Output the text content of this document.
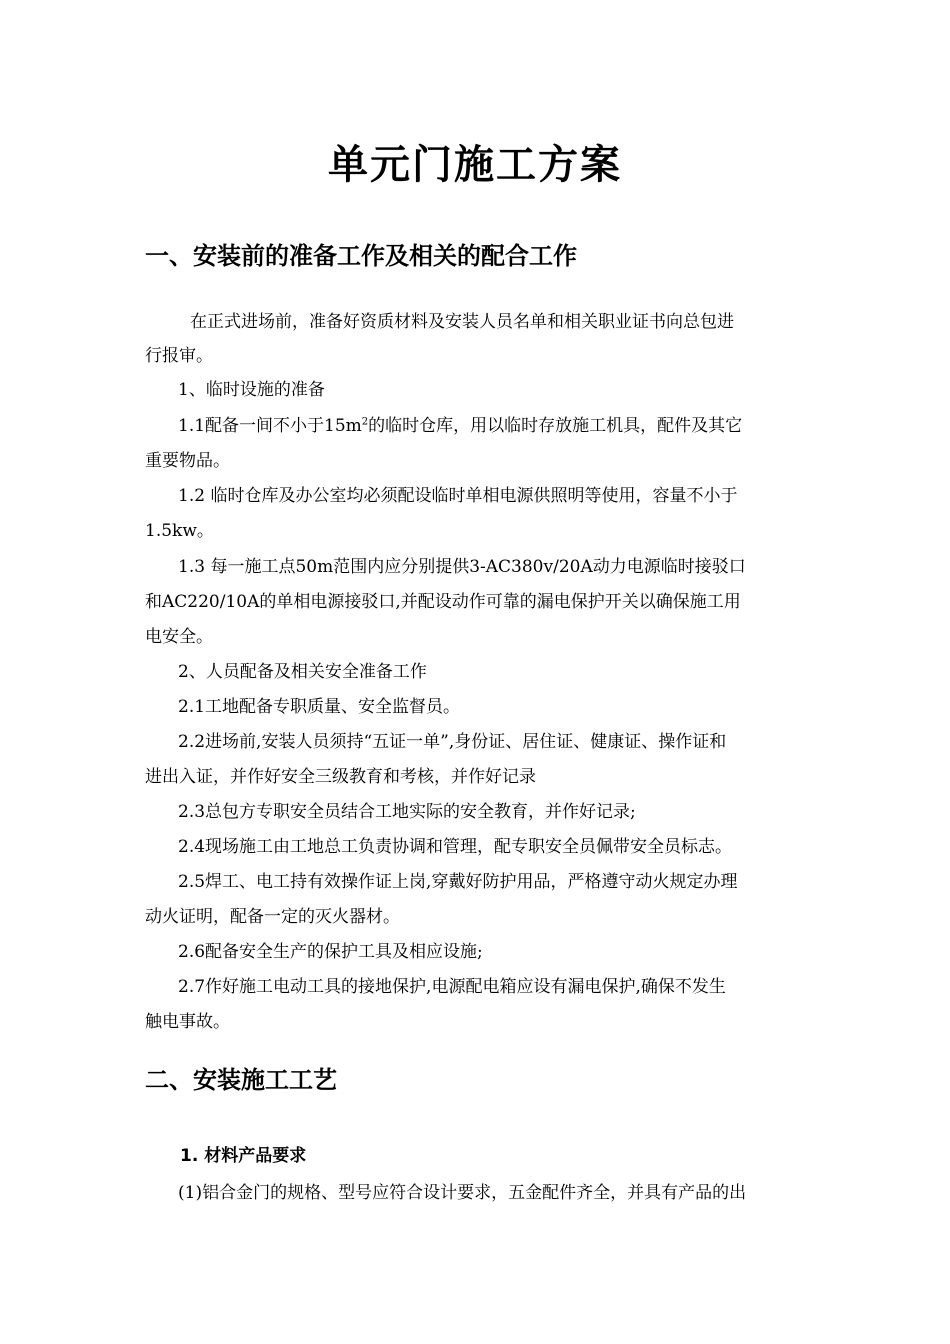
单元门施工方案
一、安装前的准备工作及相关的配合工作
在正式进场前，准备好资质材料及安装人员名单和相关职业证书向总包进
行报审。
1、临时设施的准备
1.1配备一间不小于$15m^2$的临时仓库，用以临时存放施工机具，配件及其它
重要物品。
1.2 临时仓库及办公室均必须配设临时单相电源供照明等使用，容量不小于
1.5kw。
1.3 每一施工点50m范围内应分别提供3-AC380v/20A动力电源临时接驳口
和AC220/10A的单相电源接驳口,并配设动作可靠的漏电保护开关以确保施工用
电安全。
2、人员配备及相关安全准备工作
2.1工地配备专职质量、安全监督员。
2.2进场前,安装人员须持“五证一单”,身份证、居住证、健康证、操作证和
进出入证，并作好安全三级教育和考核，并作好记录
2.3总包方专职安全员结合工地实际的安全教育，并作好记录;
2.4现场施工由工地总工负责协调和管理，配专职安全员佩带安全员标志。
2.5焊工、电工持有效操作证上岗,穿戴好防护用品，严格遵守动火规定办理
动火证明，配备一定的灭火器材。
2.6配备安全生产的保护工具及相应设施;
2.7作好施工电动工具的接地保护,电源配电箱应设有漏电保护,确保不发生
触电事故。
二、安装施工工艺
1. 材料产品要求
(1)铝合金门的规格、型号应符合设计要求，五金配件齐全，并具有产品的出
